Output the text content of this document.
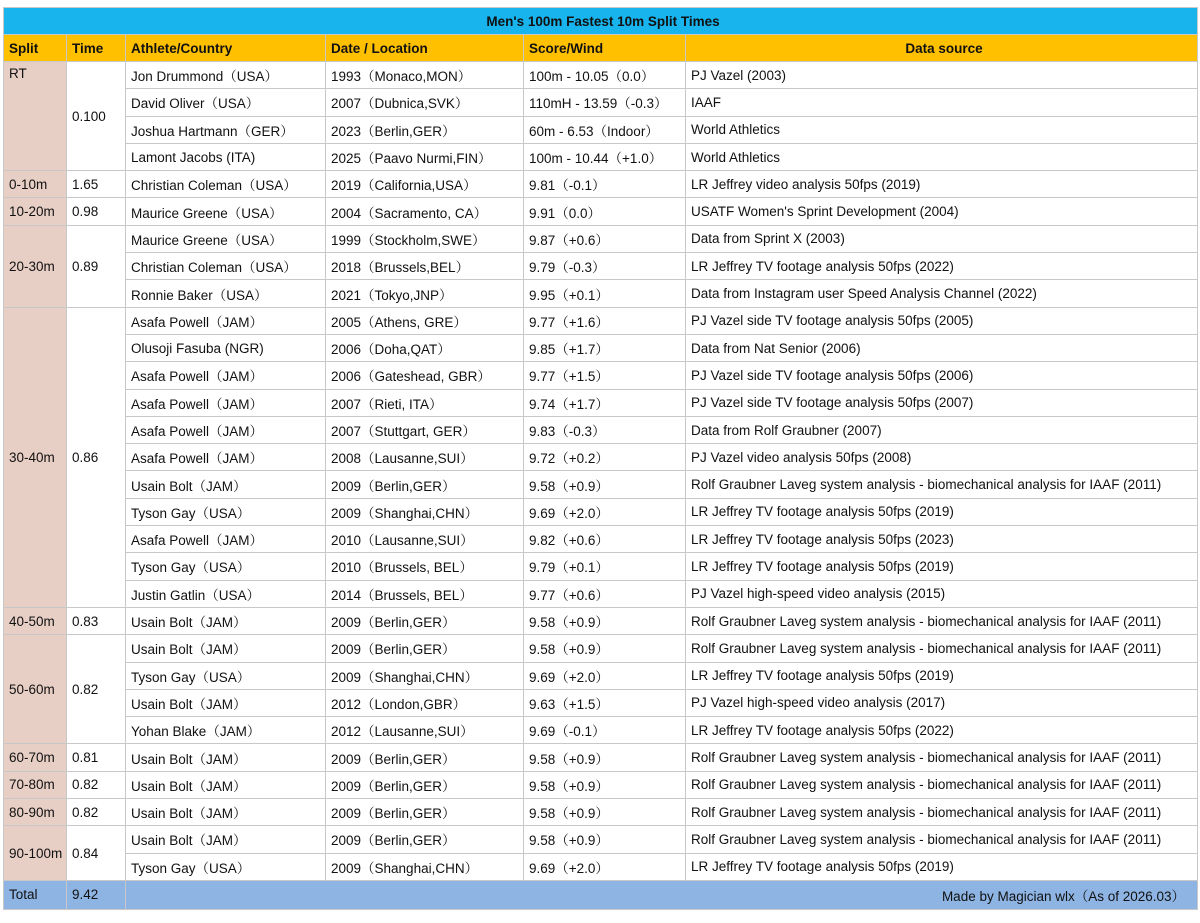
Men's 100m Fastest 10m Split Times					
Split	Time	Athlete/Country	Date / Location	Score/Wind	Data source
RT	0.100	Jon Drummond（USA）	1993（Monaco,MON）	100m - 10.05（0.0）	PJ Vazel (2003)
		David Oliver（USA）	2007（Dubnica,SVK）	110mH - 13.59（-0.3）	IAAF
		Joshua Hartmann（GER）	2023（Berlin,GER）	60m - 6.53（Indoor）	World Athletics
		Lamont Jacobs (ITA)	2025（Paavo Nurmi,FIN）	100m - 10.44（+1.0）	World Athletics
0-10m	1.65	Christian Coleman（USA）	2019（California,USA）	9.81（-0.1）	LR Jeffrey video analysis 50fps (2019)
10-20m	0.98	Maurice Greene（USA）	2004（Sacramento, CA）	9.91（0.0）	USATF Women's Sprint Development (2004)
20-30m	0.89	Maurice Greene（USA）	1999（Stockholm,SWE）	9.87（+0.6）	Data from Sprint X (2003)
		Christian Coleman（USA）	2018（Brussels,BEL）	9.79（-0.3）	LR Jeffrey TV footage analysis 50fps (2022)
		Ronnie Baker（USA）	2021（Tokyo,JNP）	9.95（+0.1）	Data from Instagram user Speed Analysis Channel (2022)
30-40m	0.86	Asafa Powell（JAM）	2005（Athens, GRE）	9.77（+1.6）	PJ Vazel side TV footage analysis 50fps (2005)
		Olusoji Fasuba (NGR)	2006（Doha,QAT）	9.85（+1.7）	Data from Nat Senior (2006)
		Asafa Powell（JAM）	2006（Gateshead, GBR）	9.77（+1.5）	PJ Vazel side TV footage analysis 50fps (2006)
		Asafa Powell（JAM）	2007（Rieti, ITA）	9.74（+1.7）	PJ Vazel side TV footage analysis 50fps (2007)
		Asafa Powell（JAM）	2007（Stuttgart, GER）	9.83（-0.3）	Data from Rolf Graubner (2007)
		Asafa Powell（JAM）	2008（Lausanne,SUI）	9.72（+0.2）	PJ Vazel video analysis 50fps (2008)
		Usain Bolt（JAM）	2009（Berlin,GER）	9.58（+0.9）	Rolf Graubner Laveg system analysis - biomechanical analysis for IAAF (2011)
		Tyson Gay（USA）	2009（Shanghai,CHN）	9.69（+2.0）	LR Jeffrey TV footage analysis 50fps (2019)
		Asafa Powell（JAM）	2010（Lausanne,SUI）	9.82（+0.6）	LR Jeffrey TV footage analysis 50fps (2023)
		Tyson Gay（USA）	2010（Brussels, BEL）	9.79（+0.1）	LR Jeffrey TV footage analysis 50fps (2019)
		Justin Gatlin（USA）	2014（Brussels, BEL）	9.77（+0.6）	PJ Vazel high-speed video analysis (2015)
40-50m	0.83	Usain Bolt（JAM）	2009（Berlin,GER）	9.58（+0.9）	Rolf Graubner Laveg system analysis - biomechanical analysis for IAAF (2011)
50-60m	0.82	Usain Bolt（JAM）	2009（Berlin,GER）	9.58（+0.9）	Rolf Graubner Laveg system analysis - biomechanical analysis for IAAF (2011)
		Tyson Gay（USA）	2009（Shanghai,CHN）	9.69（+2.0）	LR Jeffrey TV footage analysis 50fps (2019)
		Usain Bolt（JAM）	2012（London,GBR）	9.63（+1.5）	PJ Vazel high-speed video analysis (2017)
		Yohan Blake（JAM）	2012（Lausanne,SUI）	9.69（-0.1）	LR Jeffrey TV footage analysis 50fps (2022)
60-70m	0.81	Usain Bolt（JAM）	2009（Berlin,GER）	9.58（+0.9）	Rolf Graubner Laveg system analysis - biomechanical analysis for IAAF (2011)
70-80m	0.82	Usain Bolt（JAM）	2009（Berlin,GER）	9.58（+0.9）	Rolf Graubner Laveg system analysis - biomechanical analysis for IAAF (2011)
80-90m	0.82	Usain Bolt（JAM）	2009（Berlin,GER）	9.58（+0.9）	Rolf Graubner Laveg system analysis - biomechanical analysis for IAAF (2011)
90-100m	0.84	Usain Bolt（JAM）	2009（Berlin,GER）	9.58（+0.9）	Rolf Graubner Laveg system analysis - biomechanical analysis for IAAF (2011)
		Tyson Gay（USA）	2009（Shanghai,CHN）	9.69（+2.0）	LR Jeffrey TV footage analysis 50fps (2019)
Total	9.42	Made by Magician wlx（As of 2026.03）			
